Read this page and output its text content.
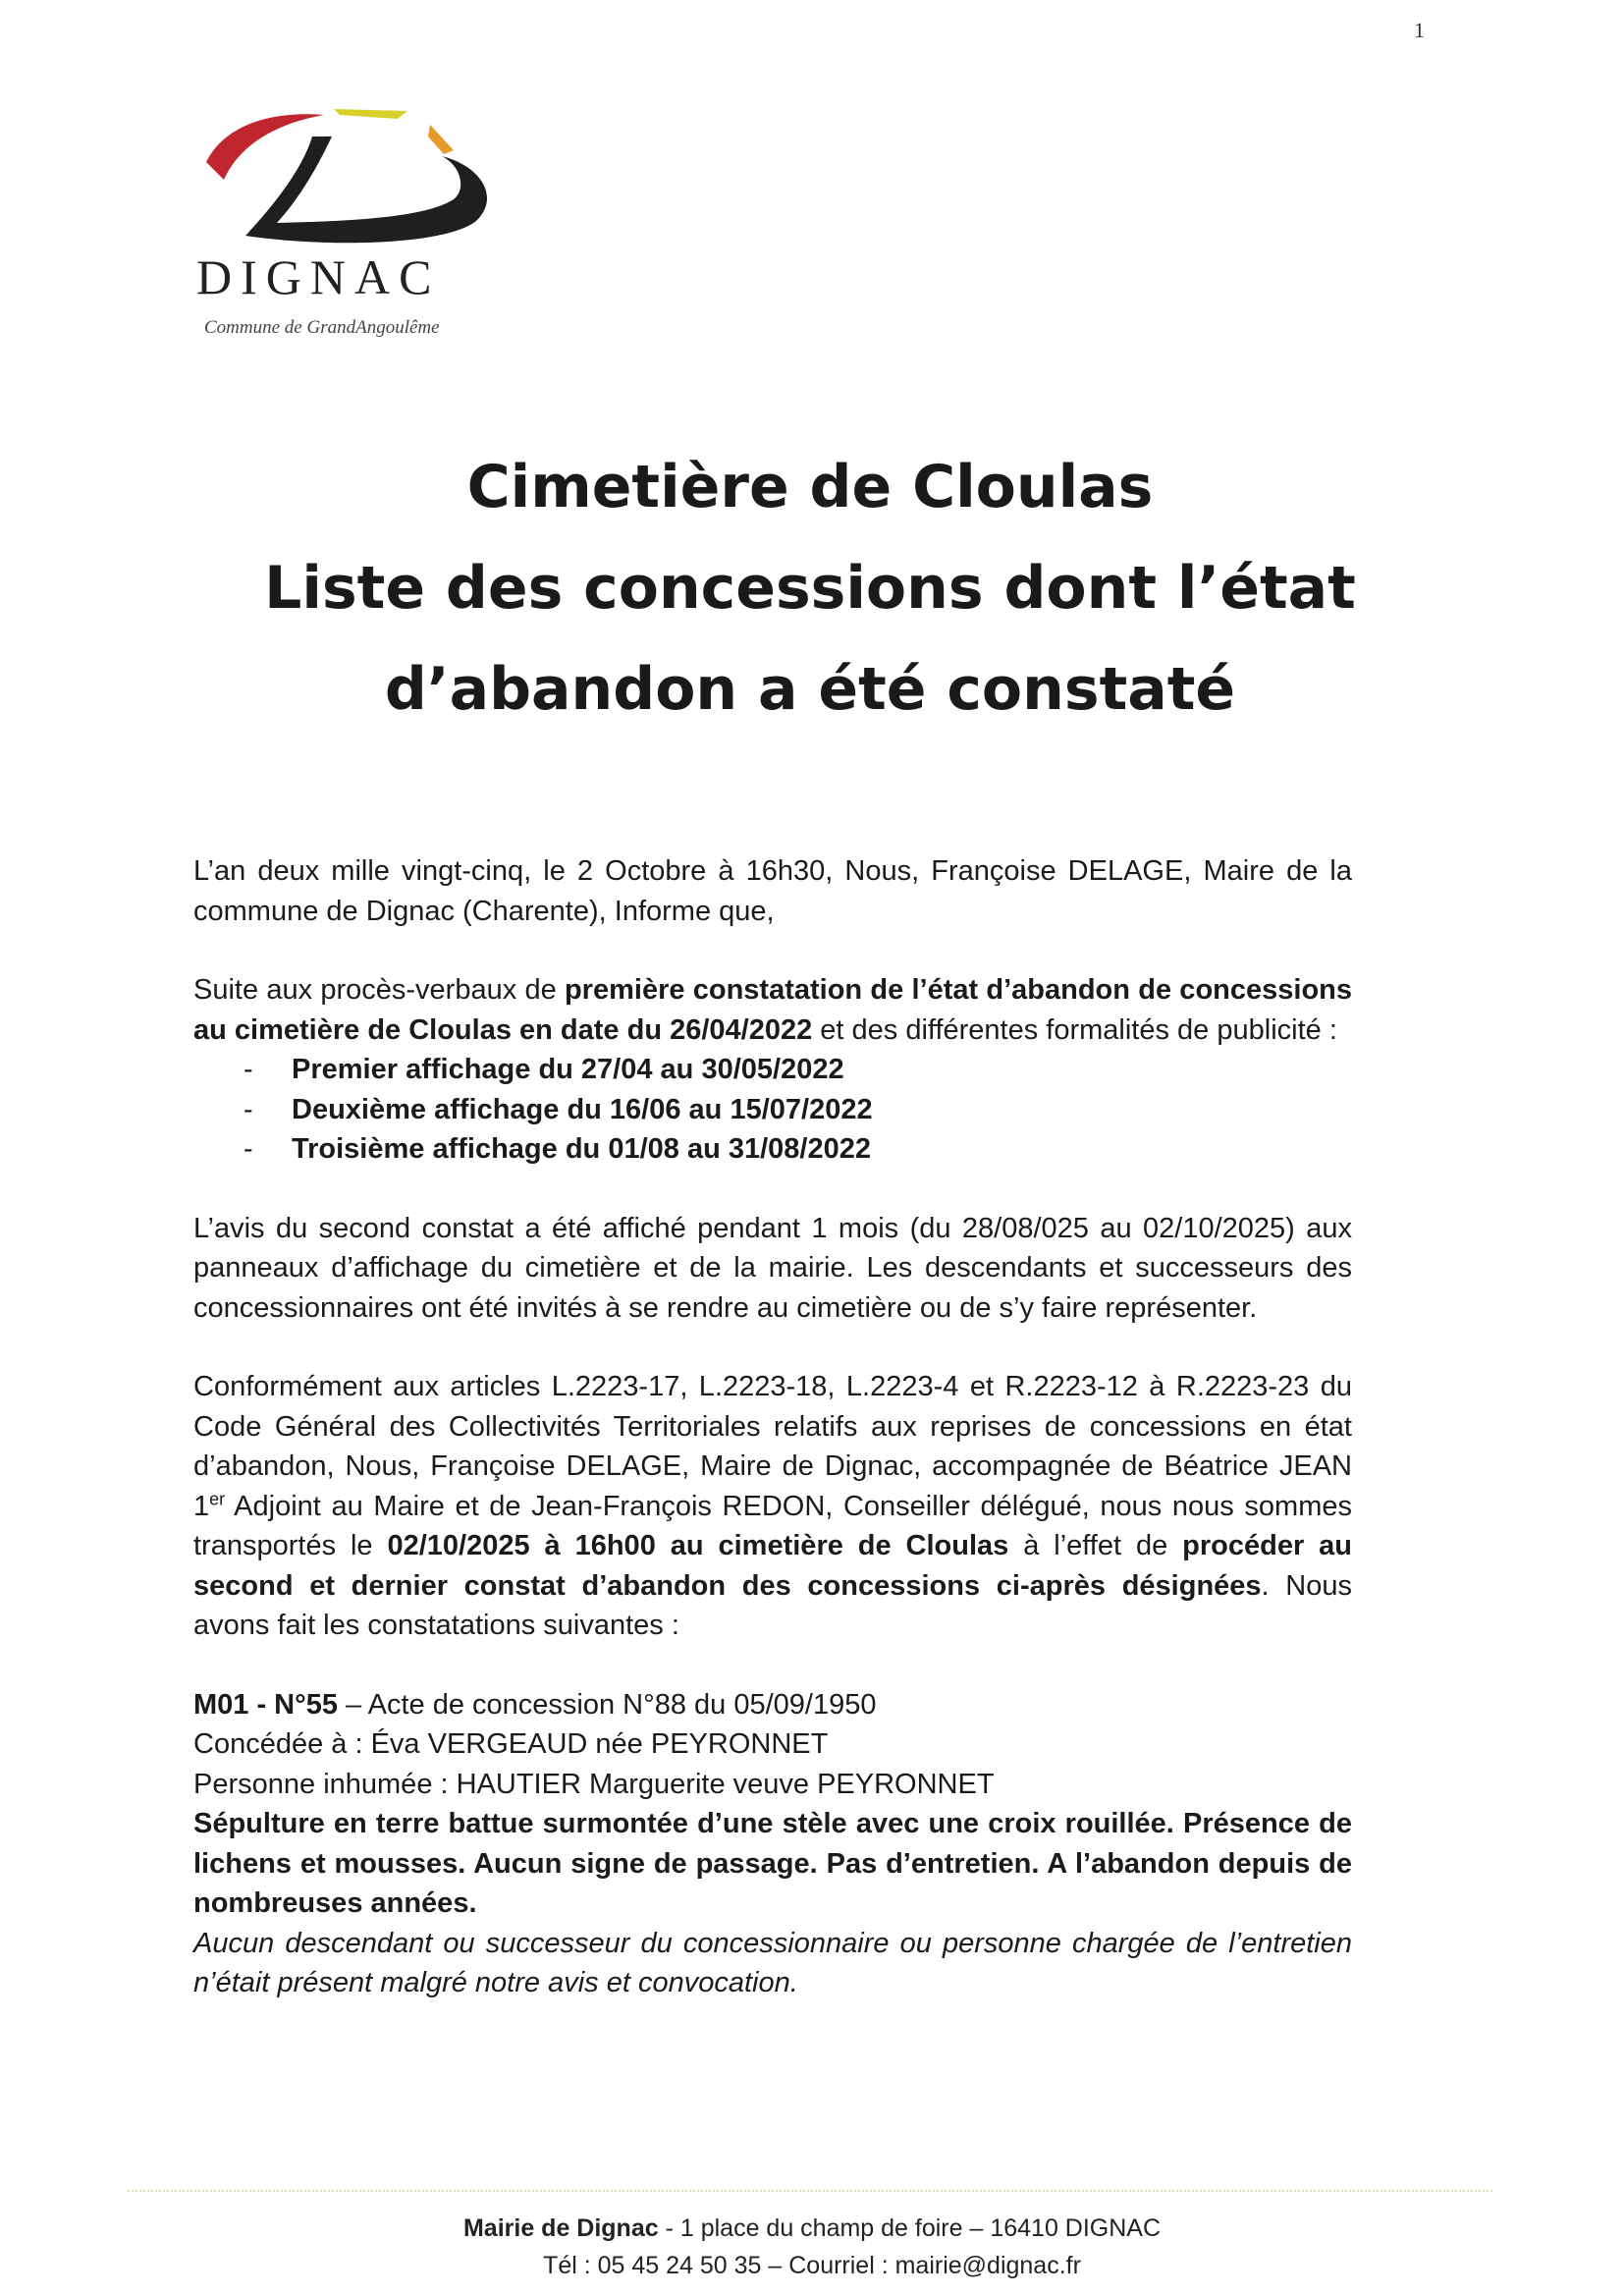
1
DIGNAC
Commune de GrandAngoulême
Cimetière de Cloulas
Liste des concessions dont l’état
d’abandon a été constaté

L’an deux mille vingt-cinq, le 2 Octobre à 16h30, Nous, Françoise DELAGE, Maire de la commune de Dignac (Charente), Informe que,

Suite aux procès-verbaux de première constatation de l’état d’abandon de concessions au cimetière de Cloulas en date du 26/04/2022 et des différentes formalités de publicité :

- Premier affichage du 27/04 au 30/05/2022
- Deuxième affichage du 16/06 au 15/07/2022
- Troisième affichage du 01/08 au 31/08/2022

L’avis du second constat a été affiché pendant 1 mois (du 28/08/025 au 02/10/2025) aux panneaux d’affichage du cimetière et de la mairie. Les descendants et successeurs des concessionnaires ont été invités à se rendre au cimetière ou de s’y faire représenter.

Conformément aux articles L.2223-17, L.2223-18, L.2223-4 et R.2223-12 à R.2223-23 du Code Général des Collectivités Territoriales relatifs aux reprises de concessions en état d’abandon, Nous, Françoise DELAGE, Maire de Dignac, accompagnée de Béatrice JEAN 1er Adjoint au Maire et de Jean-François REDON, Conseiller délégué, nous nous sommes transportés le 02/10/2025 à 16h00 au cimetière de Cloulas à l’effet de procéder au second et dernier constat d’abandon des concessions ci-après désignées. Nous avons fait les constatations suivantes :

M01 - N°55 – Acte de concession N°88 du 05/09/1950

Concédée à : Éva VERGEAUD née PEYRONNET

Personne inhumée : HAUTIER Marguerite veuve PEYRONNET

Sépulture en terre battue surmontée d’une stèle avec une croix rouillée. Présence de lichens et mousses. Aucun signe de passage. Pas d’entretien. A l’abandon depuis de nombreuses années.

Aucun descendant ou successeur du concessionnaire ou personne chargée de l’entretien n’était présent malgré notre avis et convocation.

Mairie de Dignac - 1 place du champ de foire – 16410 DIGNAC
Tél : 05 45 24 50 35 – Courriel : mairie@dignac.fr
